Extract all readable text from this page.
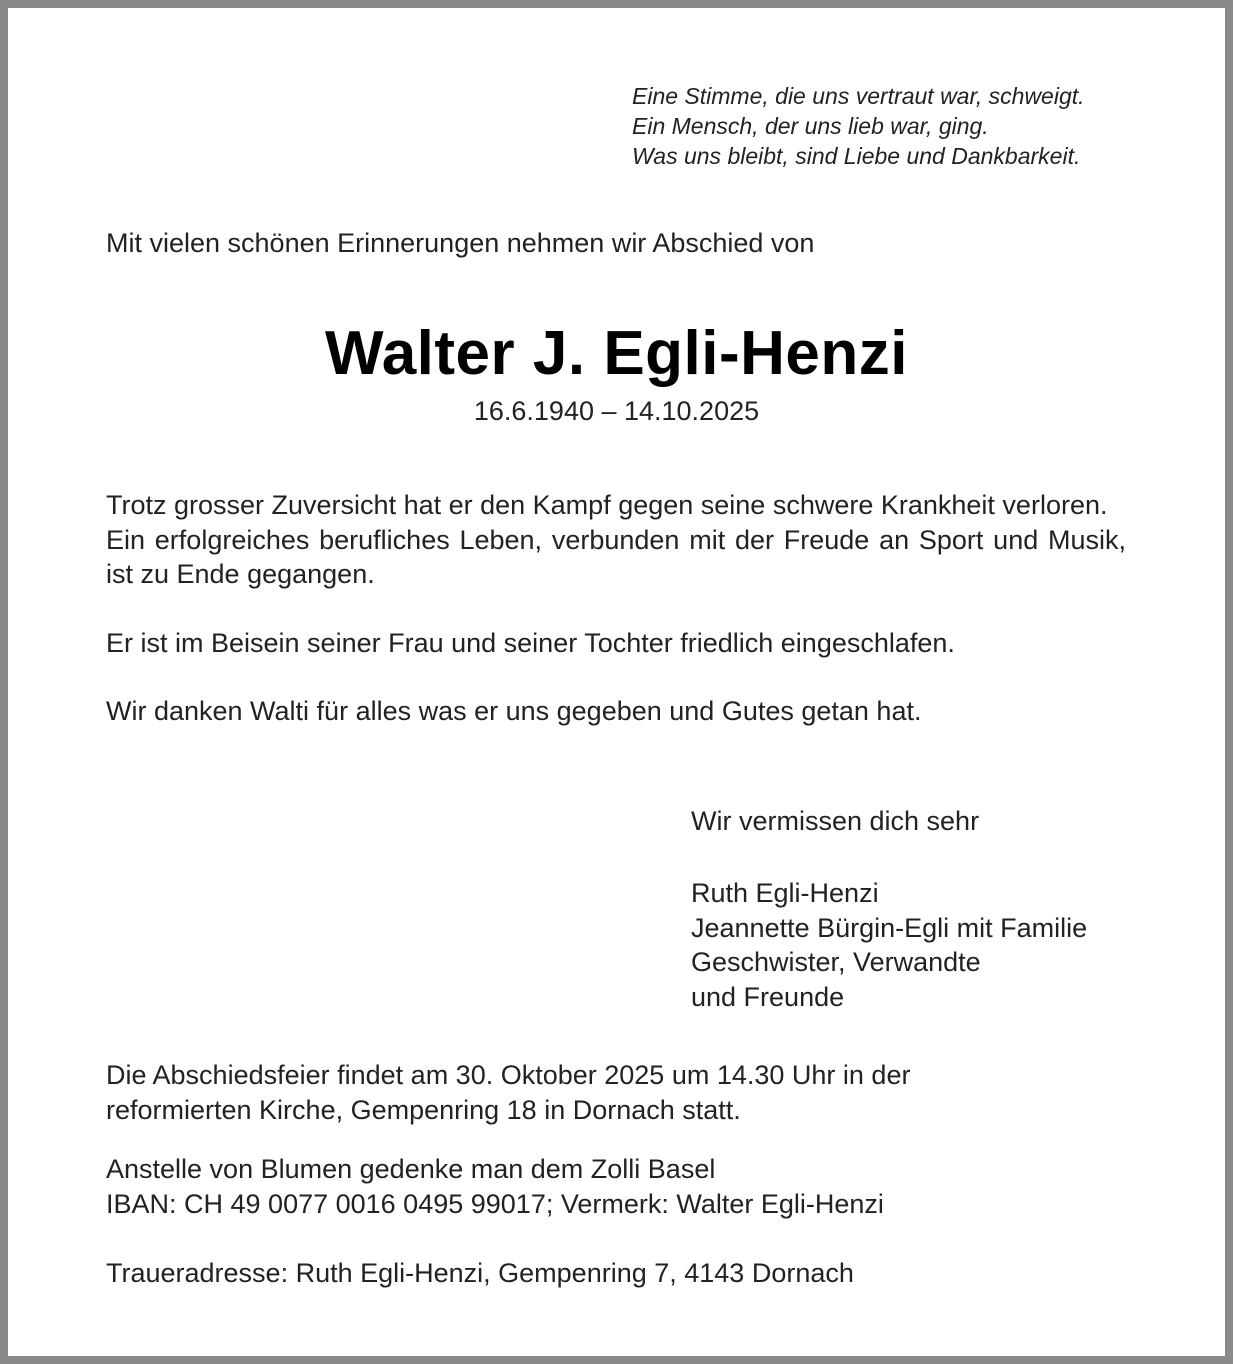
Eine Stimme, die uns vertraut war, schweigt.
Ein Mensch, der uns lieb war, ging.
Was uns bleibt, sind Liebe und Dankbarkeit.
Mit vielen schönen Erinnerungen nehmen wir Abschied von
Walter J. Egli-Henzi
16.6.1940 – 14.10.2025

Trotz grosser Zuversicht hat er den Kampf gegen seine schwere Krankheit verloren.

Ein erfolgreiches berufliches Leben, verbunden mit der Freude an Sport und Musik, ist zu Ende gegangen.

Er ist im Beisein seiner Frau und seiner Tochter friedlich eingeschlafen.

Wir danken Walti für alles was er uns gegeben und Gutes getan hat.

Wir vermissen dich sehr
Ruth Egli-Henzi
Jeannette Bürgin-Egli mit Familie
Geschwister, Verwandte
und Freunde
Die Abschiedsfeier findet am 30. Oktober 2025 um 14.30 Uhr in der
reformierten Kirche, Gempenring 18 in Dornach statt.
Anstelle von Blumen gedenke man dem Zolli Basel
IBAN: CH 49 0077 0016 0495 99017; Vermerk: Walter Egli-Henzi
Traueradresse: Ruth Egli-Henzi, Gempenring 7, 4143 Dornach
